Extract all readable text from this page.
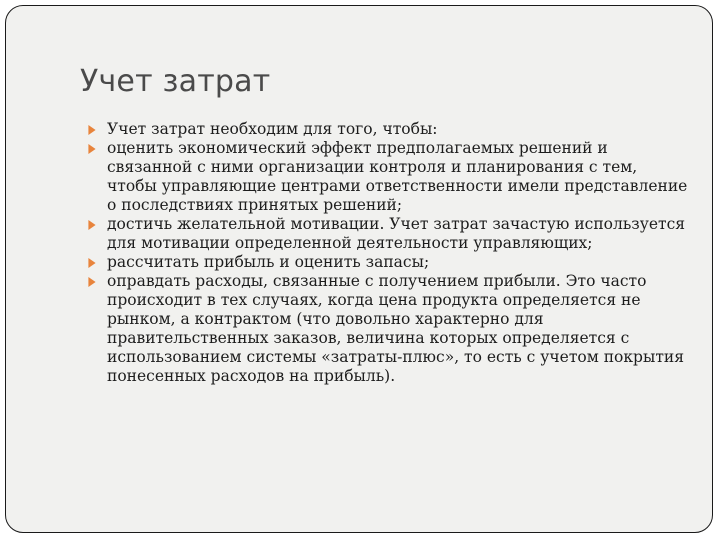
Учет затрат
Учет затрат необходим для того, чтобы:
оценить экономический эффект предполагаемых решений и связанной с ними организации контроля и планирования с тем, чтобы управляющие центрами ответственности имели представление о последствиях принятых решений;
достичь желательной мотивации. Учет затрат зачастую используется для мотивации определенной деятельности управляющих;
рассчитать прибыль и оценить запасы;
оправдать расходы, связанные с получением прибыли. Это часто происходит в тех случаях, когда цена продукта определяется не рынком, а контрактом (что довольно характерно для правительственных заказов, величина которых определяется с использованием системы «затраты-плюс», то есть с учетом покрытия понесенных расходов на прибыль).
